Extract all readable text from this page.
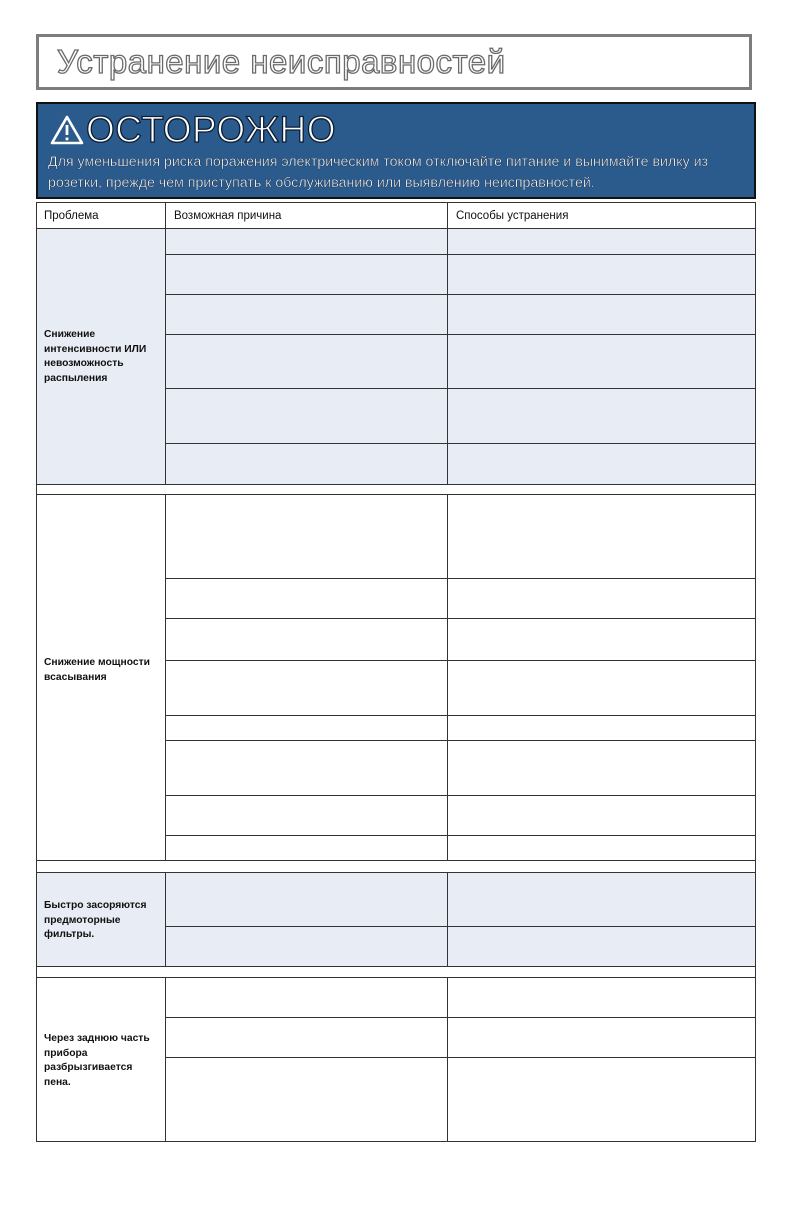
Устранение неисправностей
ОСТОРОЖНО
Для уменьшения риска поражения электрическим током отключайте питание и вынимайте вилку из розетки, прежде чем приступать к обслуживанию или выявлению неисправностей.
Проблема	Возможная причина	Способы устранения
Снижение интенсивности ИЛИ невозможность распыления
Быстро засоряются предмоторные фильтры.
Снижение мощности всасывания
Через заднюю часть прибора разбрызгивается пена.
